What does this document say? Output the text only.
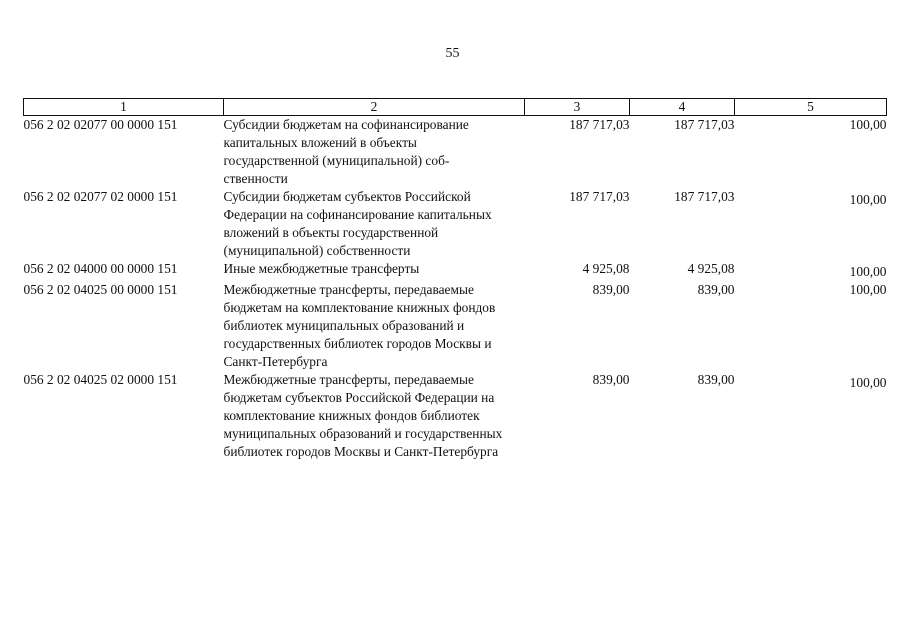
55
1	2	3	4	5
056 2 02 02077 00 0000 151	Субсидии бюджетам на софинансирование
капитальных вложений в объекты
государственной (муниципальной) соб-
ственности	187 717,03	187 717,03	100,00
056 2 02 02077 02 0000 151	Субсидии бюджетам субъектов Российской
Федерации на софинансирование капитальных
вложений в объекты государственной
(муниципальной) собственности	187 717,03	187 717,03	100,00
056 2 02 04000 00 0000 151	Иные межбюджетные трансферты	4 925,08	4 925,08	100,00
056 2 02 04025 00 0000 151	Межбюджетные трансферты, передаваемые
бюджетам на комплектование книжных фондов
библиотек муниципальных образований и
государственных библиотек городов Москвы и
Санкт-Петербурга	839,00	839,00	100,00
056 2 02 04025 02 0000 151	Межбюджетные трансферты, передаваемые
бюджетам субъектов Российской Федерации на
комплектование книжных фондов библиотек
муниципальных образований и государственных
библиотек городов Москвы и Санкт-Петербурга	839,00	839,00	100,00
